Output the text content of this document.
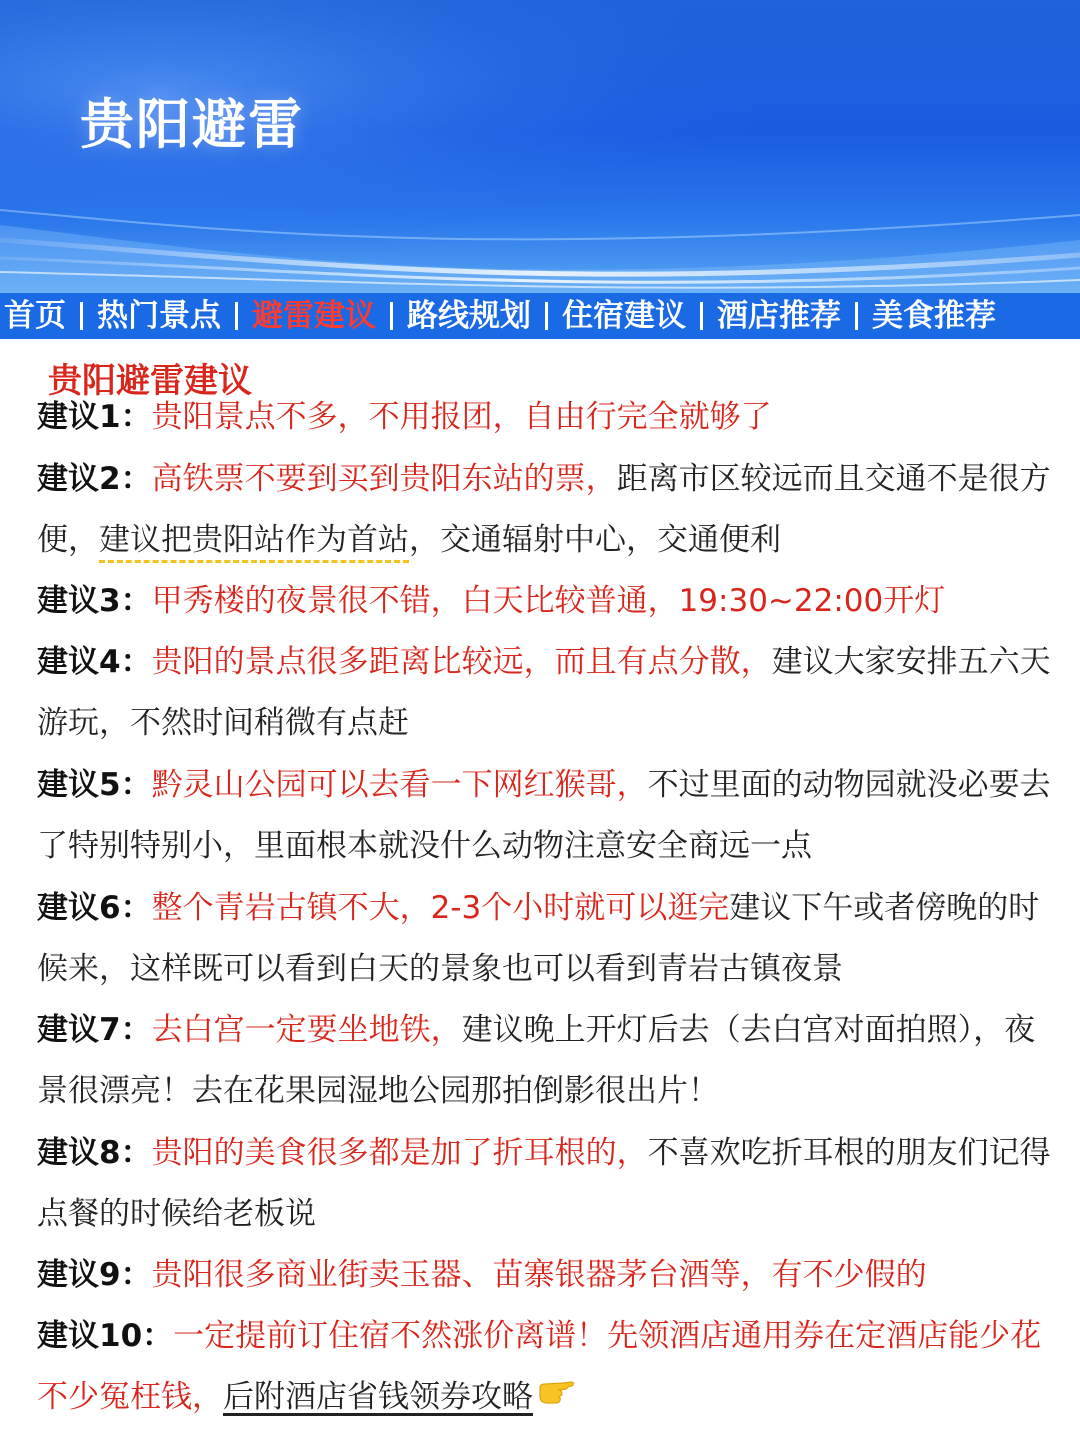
贵阳避雷
首页 热门景点 避雷建议 路线规划 住宿建议 酒店推荐 美食推荐
贵阳避雷建议
建议1：贵阳景点不多，不用报团，自由行完全就够了
建议2：高铁票不要到买到贵阳东站的票，距离市区较远而且交通不是很方便，建议把贵阳站作为首站，交通辐射中心，交通便利
建议3：甲秀楼的夜景很不错，白天比较普通，19:30~22:00开灯
建议4：贵阳的景点很多距离比较远，而且有点分散，建议大家安排五六天游玩，不然时间稍微有点赶
建议5：黔灵山公园可以去看一下网红猴哥，不过里面的动物园就没必要去了特别特别小，里面根本就没什么动物注意安全商远一点
建议6：整个青岩古镇不大，2-3个小时就可以逛完建议下午或者傍晚的时候来，这样既可以看到白天的景象也可以看到青岩古镇夜景
建议7：去白宫一定要坐地铁，建议晚上开灯后去（去白宫对面拍照），夜景很漂亮！去在花果园湿地公园那拍倒影很出片！
建议8：贵阳的美食很多都是加了折耳根的，不喜欢吃折耳根的朋友们记得点餐的时候给老板说
建议9：贵阳很多商业街卖玉器、苗寨银器茅台酒等，有不少假的
建议10：一定提前订住宿不然涨价离谱！先领酒店通用券在定酒店能少花不少冤枉钱，后附酒店省钱领券攻略
